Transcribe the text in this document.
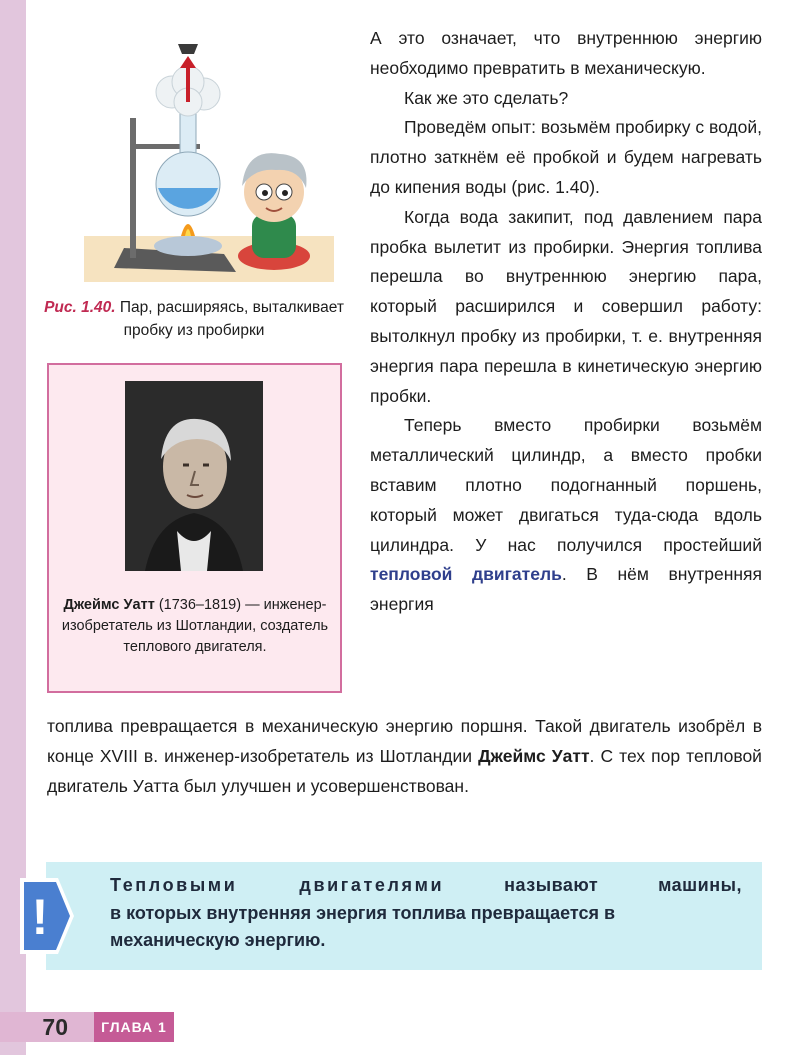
Рис. 1.40. Пар, расширяясь, выталкивает пробку из пробирки
Джеймс Уатт (1736–1819) — инженер-изобретатель из Шотландии, создатель теплового двигателя.

А это означает, что внутреннюю энергию необходимо превратить в механическую.

Как же это сделать?

Проведём опыт: возьмём пробирку с водой, плотно заткнём её пробкой и будем нагревать до кипения воды (рис. 1.40).

Когда вода закипит, под давлением пара пробка вылетит из пробирки. Энергия топлива перешла во внутреннюю энергию пара, который расширился и совершил работу: вытолкнул пробку из пробирки, т. е. внутренняя энергия пара перешла в кинетическую энергию пробки.

Теперь вместо пробирки возьмём металлический цилиндр, а вместо пробки вставим плотно подогнанный поршень, который может двигаться туда-сюда вдоль цилиндра. У нас получился простейший тепловой двигатель. В нём внутренняя энергия

топлива превращается в механическую энергию поршня. Такой двигатель изобрёл в конце XVIII в. инженер-изобретатель из Шотландии Джеймс Уатт. С тех пор тепловой двигатель Уатта был улучшен и усовершенствован.

!
Тепловыми двигателями	называют машины,
в которых внутренняя энергия топлива превращается в механическую энергию.
70	ГЛАВА 1
